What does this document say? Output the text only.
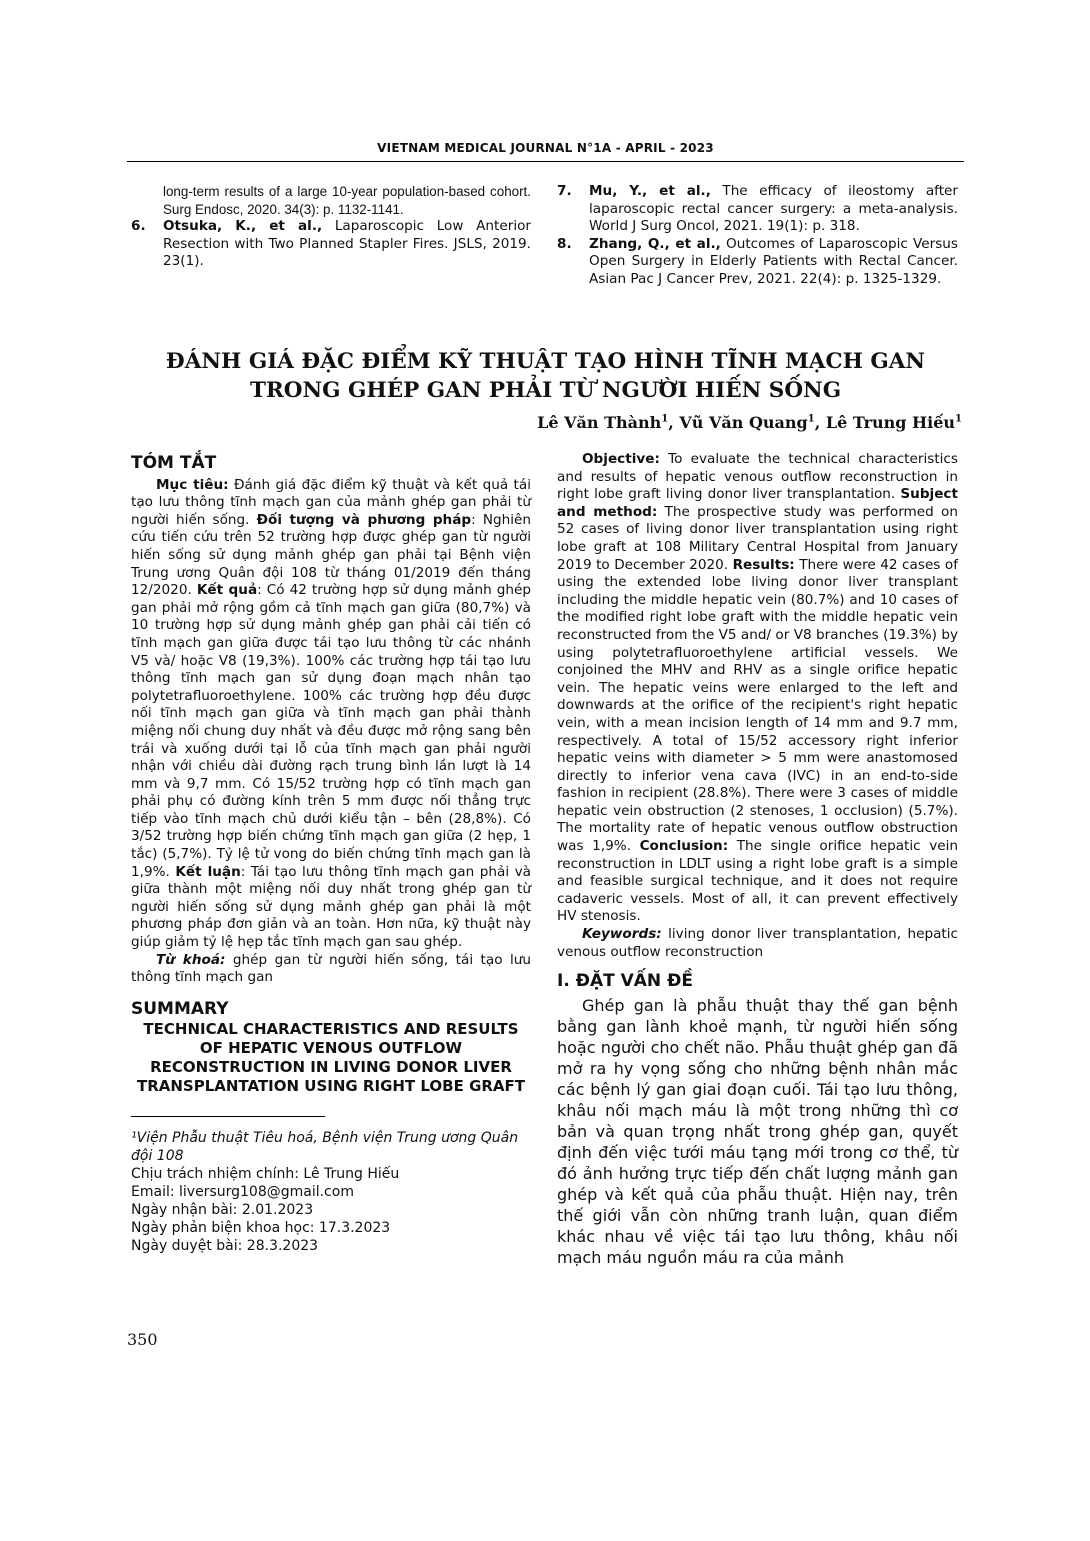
VIETNAM MEDICAL JOURNAL N°1A - APRIL - 2023
long-term results of a large 10-year population-based cohort. Surg Endosc, 2020. 34(3): p. 1132-1141.
6. Otsuka, K., et al., Laparoscopic Low Anterior Resection with Two Planned Stapler Fires. JSLS, 2019. 23(1).
7. Mu, Y., et al., The efficacy of ileostomy after laparoscopic rectal cancer surgery: a meta-analysis. World J Surg Oncol, 2021. 19(1): p. 318.
8. Zhang, Q., et al., Outcomes of Laparoscopic Versus Open Surgery in Elderly Patients with Rectal Cancer. Asian Pac J Cancer Prev, 2021. 22(4): p. 1325-1329.
ĐÁNH GIÁ ĐẶC ĐIỂM KỸ THUẬT TẠO HÌNH TĨNH MẠCH GAN
TRONG GHÉP GAN PHẢI TỪ NGƯỜI HIẾN SỐNG
Lê Văn Thành$^1$, Vũ Văn Quang$^1$, Lê Trung Hiếu$^1$
TÓM TẮT

Mục tiêu: Đánh giá đặc điểm kỹ thuật và kết quả tái tạo lưu thông tĩnh mạch gan của mảnh ghép gan phải từ người hiến sống. Đối tượng và phương pháp: Nghiên cứu tiến cứu trên 52 trường hợp được ghép gan từ người hiến sống sử dụng mảnh ghép gan phải tại Bệnh viện Trung ương Quân đội 108 từ tháng 01/2019 đến tháng 12/2020. Kết quả: Có 42 trường hợp sử dụng mảnh ghép gan phải mở rộng gồm cả tĩnh mạch gan giữa (80,7%) và 10 trường hợp sử dụng mảnh ghép gan phải cải tiến có tĩnh mạch gan giữa được tái tạo lưu thông từ các nhánh V5 và/ hoặc V8 (19,3%). 100% các trường hợp tái tạo lưu thông tĩnh mạch gan sử dụng đoạn mạch nhân tạo polytetrafluoroethylene. 100% các trường hợp đều được nối tĩnh mạch gan giữa và tĩnh mạch gan phải thành miệng nối chung duy nhất và đều được mở rộng sang bên trái và xuống dưới tại lỗ của tĩnh mạch gan phải người nhận với chiều dài đường rạch trung bình lần lượt là 14 mm và 9,7 mm. Có 15/52 trường hợp có tĩnh mạch gan phải phụ có đường kính trên 5 mm được nối thẳng trực tiếp vào tĩnh mạch chủ dưới kiểu tận – bên (28,8%). Có 3/52 trường hợp biến chứng tĩnh mạch gan giữa (2 hẹp, 1 tắc) (5,7%). Tỷ lệ tử vong do biến chứng tĩnh mạch gan là 1,9%. Kết luận: Tái tạo lưu thông tĩnh mạch gan phải và giữa thành một miệng nối duy nhất trong ghép gan từ người hiến sống sử dụng mảnh ghép gan phải là một phương pháp đơn giản và an toàn. Hơn nữa, kỹ thuật này giúp giảm tỷ lệ hẹp tắc tĩnh mạch gan sau ghép.

Từ khoá: ghép gan từ người hiến sống, tái tạo lưu thông tĩnh mạch gan

SUMMARY
TECHNICAL CHARACTERISTICS AND RESULTS OF HEPATIC VENOUS OUTFLOW RECONSTRUCTION IN LIVING DONOR LIVER TRANSPLANTATION USING RIGHT LOBE GRAFT
¹Viện Phẫu thuật Tiêu hoá, Bệnh viện Trung ương Quân đội 108
Chịu trách nhiệm chính: Lê Trung Hiếu
Email: liversurg108@gmail.com
Ngày nhận bài: 2.01.2023
Ngày phản biện khoa học: 17.3.2023
Ngày duyệt bài: 28.3.2023
350

Objective: To evaluate the technical characteristics and results of hepatic venous outflow reconstruction in right lobe graft living donor liver transplantation. Subject and method: The prospective study was performed on 52 cases of living donor liver transplantation using right lobe graft at 108 Military Central Hospital from January 2019 to December 2020. Results: There were 42 cases of using the extended lobe living donor liver transplant including the middle hepatic vein (80.7%) and 10 cases of the modified right lobe graft with the middle hepatic vein reconstructed from the V5 and/ or V8 branches (19.3%) by using polytetrafluoroethylene artificial vessels. We conjoined the MHV and RHV as a single orifice hepatic vein. The hepatic veins were enlarged to the left and downwards at the orifice of the recipient's right hepatic vein, with a mean incision length of 14 mm and 9.7 mm, respectively. A total of 15/52 accessory right inferior hepatic veins with diameter > 5 mm were anastomosed directly to inferior vena cava (IVC) in an end-to-side fashion in recipient (28.8%). There were 3 cases of middle hepatic vein obstruction (2 stenoses, 1 occlusion) (5.7%). The mortality rate of hepatic venous outflow obstruction was 1,9%. Conclusion: The single orifice hepatic vein reconstruction in LDLT using a right lobe graft is a simple and feasible surgical technique, and it does not require cadaveric vessels. Most of all, it can prevent effectively HV stenosis.

Keywords: living donor liver transplantation, hepatic venous outflow reconstruction

I. ĐẶT VẤN ĐỀ

Ghép gan là phẫu thuật thay thế gan bệnh bằng gan lành khoẻ mạnh, từ người hiến sống hoặc người cho chết não. Phẫu thuật ghép gan đã mở ra hy vọng sống cho những bệnh nhân mắc các bệnh lý gan giai đoạn cuối. Tái tạo lưu thông, khâu nối mạch máu là một trong những thì cơ bản và quan trọng nhất trong ghép gan, quyết định đến việc tưới máu tạng mới trong cơ thể, từ đó ảnh hưởng trực tiếp đến chất lượng mảnh gan ghép và kết quả của phẫu thuật. Hiện nay, trên thế giới vẫn còn những tranh luận, quan điểm khác nhau về việc tái tạo lưu thông, khâu nối mạch máu nguồn máu ra của mảnh
